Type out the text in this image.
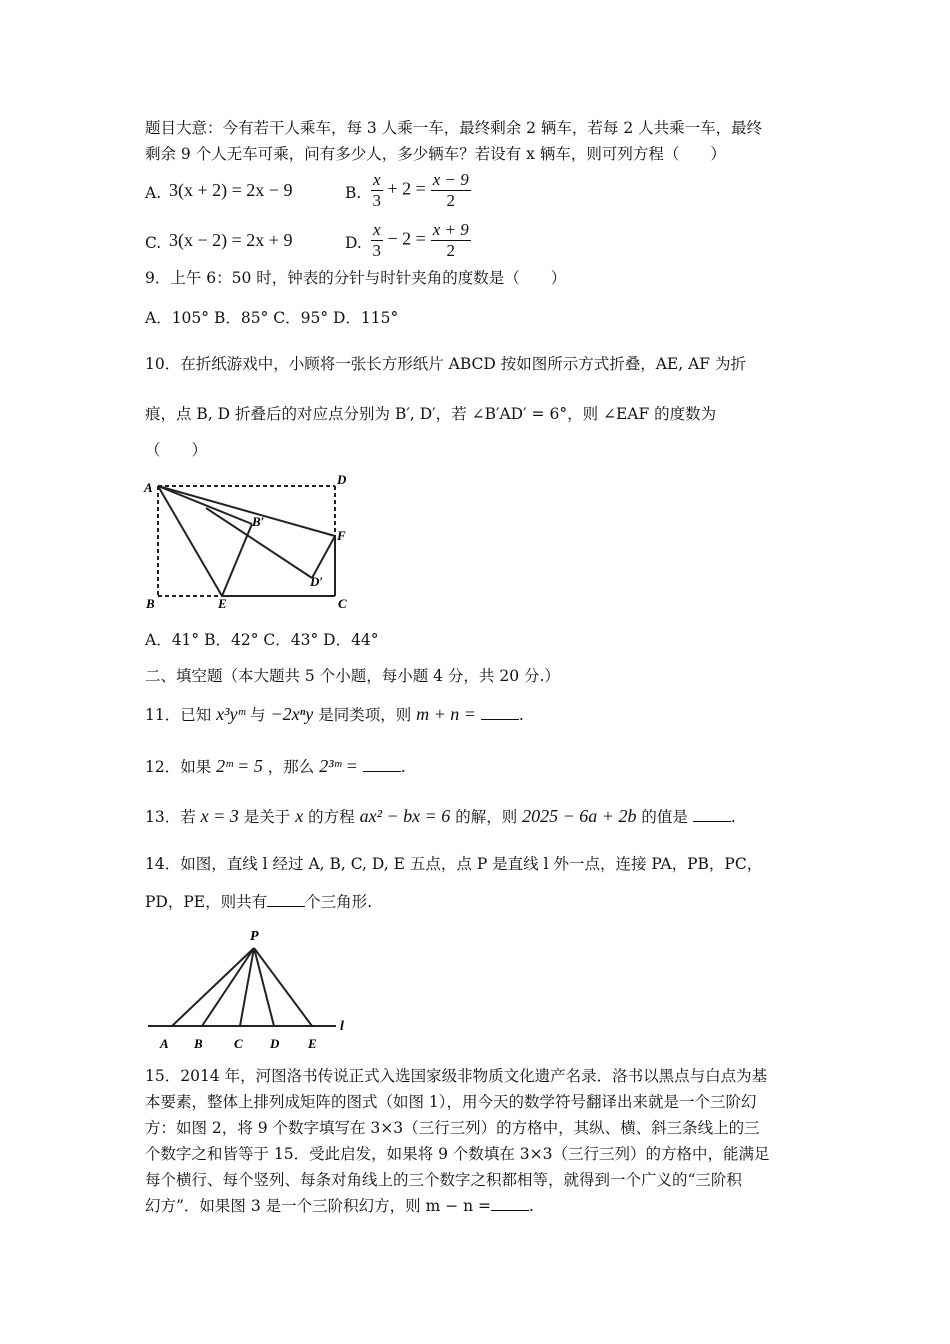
题目大意：今有若干人乘车，每 3 人乘一车，最终剩余 2 辆车，若每 2 人共乘一车，最终
剩余 9 个人无车可乘，问有多少人，多少辆车？若设有 x 辆车，则可列方程（　　）
A. 3(x + 2) = 2x − 9	B. $\frac{x}{3} + 2 = \frac{x - 9}{2}$
C. 3(x − 2) = 2x + 9	D. $\frac{x}{3} - 2 = \frac{x + 9}{2}$
9．上午 6：50 时，钟表的分针与时针夹角的度数是（　　）
A．105° B．85° C．95° D．115°
10．在折纸游戏中，小顾将一张长方形纸片 ABCD 按如图所示方式折叠，AE, AF 为折
痕，点 B, D 折叠后的对应点分别为 B′, D′，若 ∠B′AD′ = 6°，则 ∠EAF 的度数为
（　　）
A
D
F
B′
D′
B	E	C
A．41° B．42° C．43° D．44°
二、填空题（本大题共 5 个小题，每小题 4 分，共 20 分.）
11．已知 x³yᵐ 与 −2xⁿy 是同类项，则 m + n =	.
12．如果 2ᵐ = 5 ，那么 2³ᵐ =	.
13．若 x = 3 是关于 x 的方程 ax² − bx = 6 的解，则 2025 − 6a + 2b 的值是	.
14．如图，直线 l 经过 A, B, C, D, E 五点，点 P 是直线 l 外一点，连接 PA，PB，PC，
PD，PE，则共有 个三角形.
P
l
A B C D E
15．2014 年，河图洛书传说正式入选国家级非物质文化遗产名录．洛书以黑点与白点为基
本要素，整体上排列成矩阵的图式（如图 1），用今天的数学符号翻译出来就是一个三阶幻
方：如图 2，将 9 个数字填写在 3×3（三行三列）的方格中，其纵、横、斜三条线上的三
个数字之和皆等于 15．受此启发，如果将 9 个数填在 3×3（三行三列）的方格中，能满足
每个横行、每个竖列、每条对角线上的三个数字之积都相等，就得到一个广义的“三阶积
幻方”．如果图 3 是一个三阶积幻方，则 m − n = .
